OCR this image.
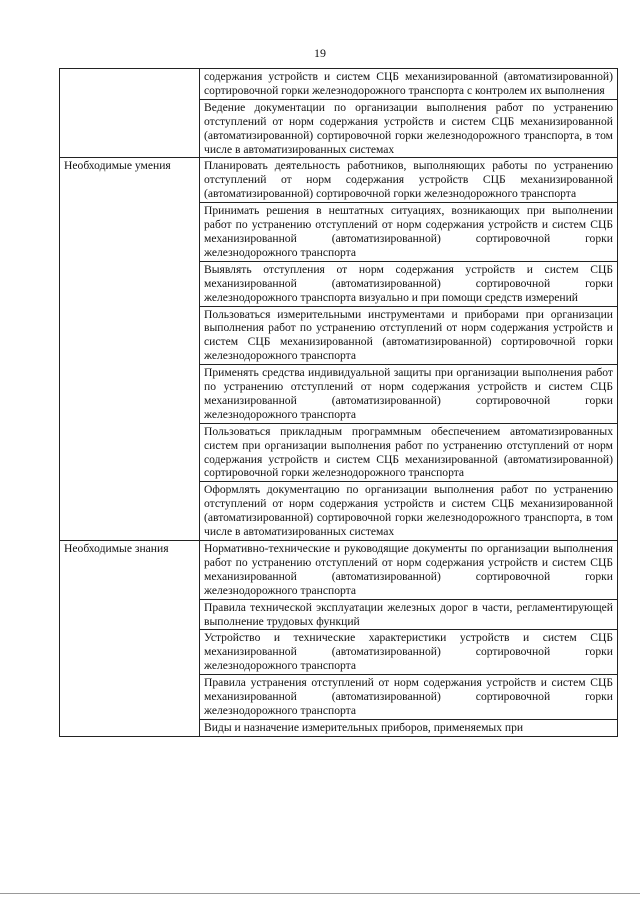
19
	содержания устройств и систем СЦБ механизированной (автоматизированной) сортировочной горки железнодорожного транспорта с контролем их выполнения
	Ведение документации по организации выполнения работ по устранению отступлений от норм содержания устройств и систем СЦБ механизированной (автоматизированной) сортировочной горки железнодорожного транспорта, в том числе в автоматизированных системах
Необходимые умения	Планировать деятельность работников, выполняющих работы по устранению отступлений от норм содержания устройств СЦБ механизированной (автоматизированной) сортировочной горки железнодорожного транспорта
	Принимать решения в нештатных ситуациях, возникающих при выполнении работ по устранению отступлений от норм содержания устройств и систем СЦБ механизированной (автоматизированной) сортировочной горки железнодорожного транспорта
	Выявлять отступления от норм содержания устройств и систем СЦБ механизированной (автоматизированной) сортировочной горки железнодорожного транспорта визуально и при помощи средств измерений
	Пользоваться измерительными инструментами и приборами при организации выполнения работ по устранению отступлений от норм содержания устройств и систем СЦБ механизированной (автоматизированной) сортировочной горки железнодорожного транспорта
	Применять средства индивидуальной защиты при организации выполнения работ по устранению отступлений от норм содержания устройств и систем СЦБ механизированной (автоматизированной) сортировочной горки железнодорожного транспорта
	Пользоваться прикладным программным обеспечением автоматизированных систем при организации выполнения работ по устранению отступлений от норм содержания устройств и систем СЦБ механизированной (автоматизированной) сортировочной горки железнодорожного транспорта
	Оформлять документацию по организации выполнения работ по устранению отступлений от норм содержания устройств и систем СЦБ механизированной (автоматизированной) сортировочной горки железнодорожного транспорта, в том числе в автоматизированных системах
Необходимые знания	Нормативно-технические и руководящие документы по организации выполнения работ по устранению отступлений от норм содержания устройств и систем СЦБ механизированной (автоматизированной) сортировочной горки железнодорожного транспорта
	Правила технической эксплуатации железных дорог в части, регламентирующей выполнение трудовых функций
	Устройство и технические характеристики устройств и систем СЦБ механизированной (автоматизированной) сортировочной горки железнодорожного транспорта
	Правила устранения отступлений от норм содержания устройств и систем СЦБ механизированной (автоматизированной) сортировочной горки железнодорожного транспорта
	Виды и назначение измерительных приборов, применяемых при
